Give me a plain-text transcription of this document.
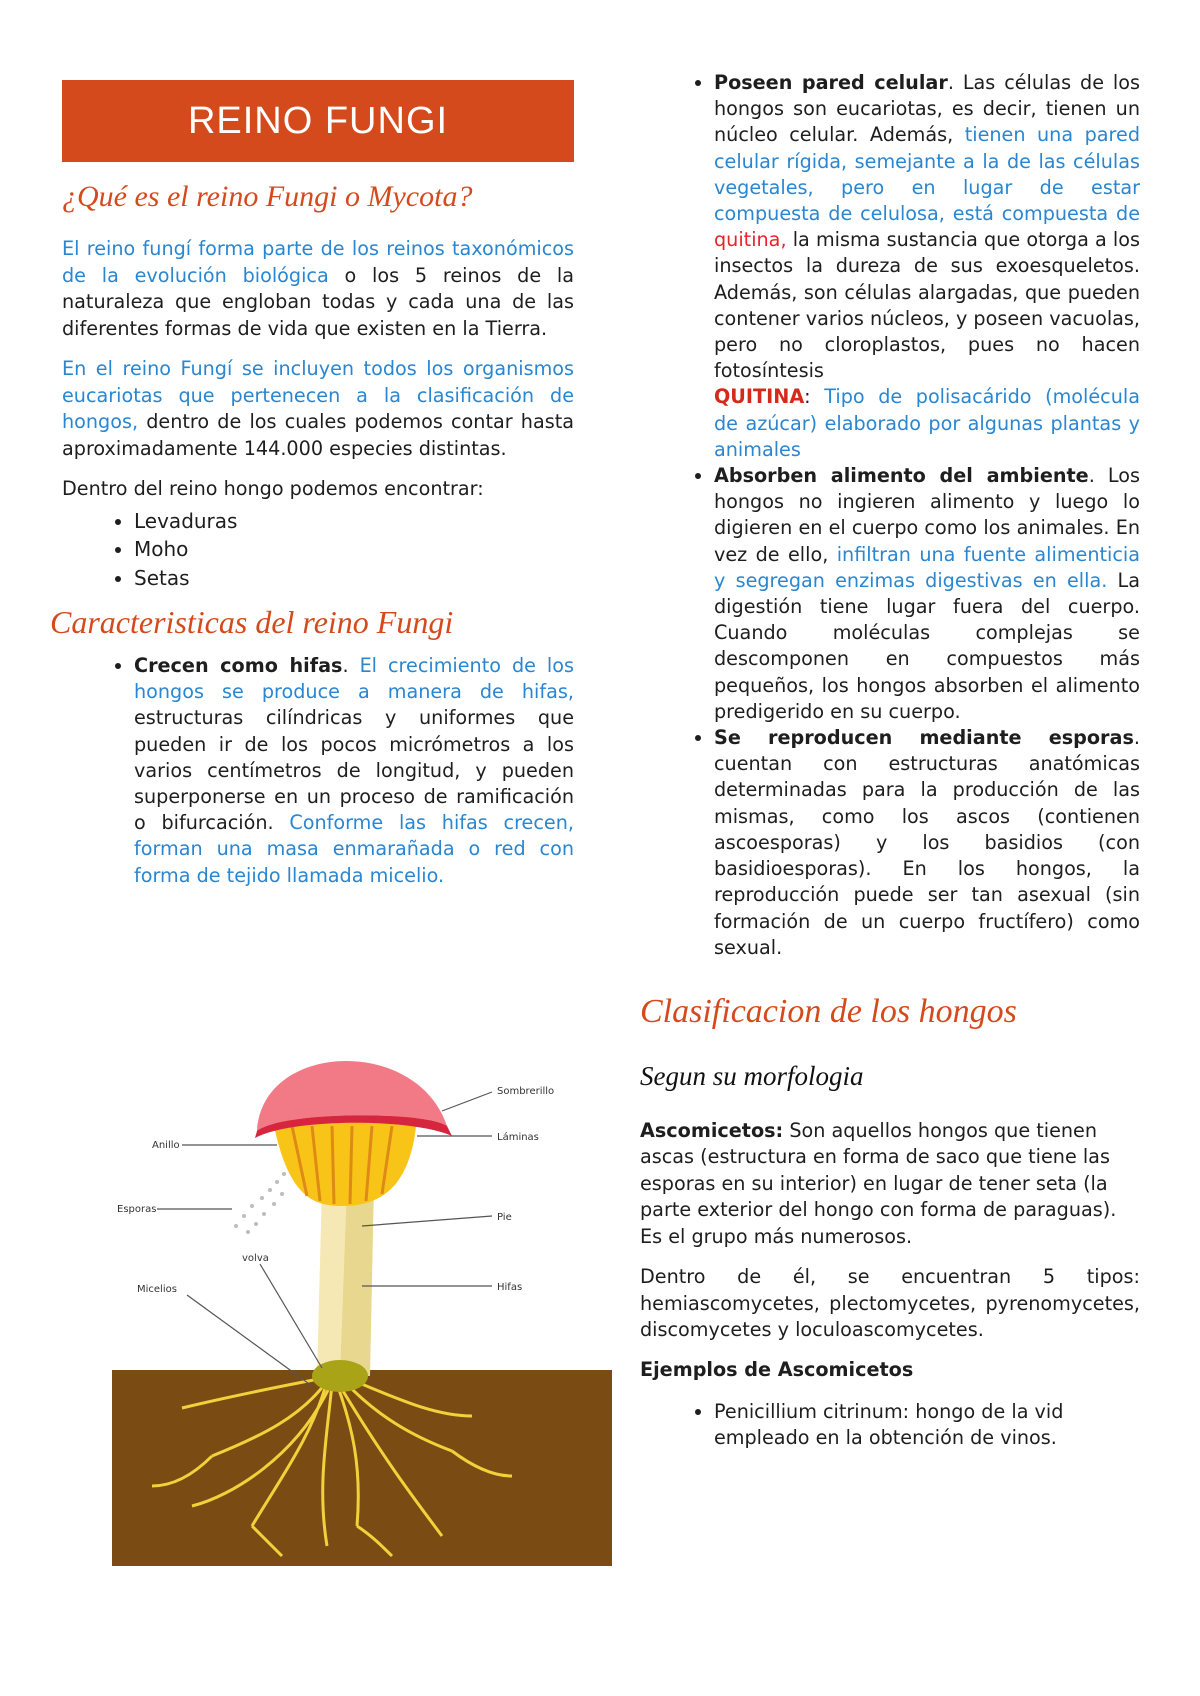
REINO FUNGI
¿Qué es el reino Fungi o Mycota?

El reino fungí forma parte de los reinos taxonómicos de la evolución biológica o los 5 reinos de la naturaleza que engloban todas y cada una de las diferentes formas de vida que existen en la Tierra.

En el reino Fungí se incluyen todos los organismos eucariotas que pertenecen a la clasificación de hongos, dentro de los cuales podemos contar hasta aproximadamente 144.000 especies distintas.

Dentro del reino hongo podemos encontrar:

• Levaduras
• Moho
• Setas
Caracteristicas del reino Fungi
• Crecen como hifas. El crecimiento de los hongos se produce a manera de hifas, estructuras cilíndricas y uniformes que pueden ir de los pocos micrómetros a los varios centímetros de longitud, y pueden superponerse en un proceso de ramificación o bifurcación. Conforme las hifas crecen, forman una masa enmarañada o red con forma de tejido llamada micelio.
Sombrerillo
Láminas
Anillo
Esporas
Pie
volva
Micelios	Hifas
• Poseen pared celular. Las células de los hongos son eucariotas, es decir, tienen un núcleo celular. Además, tienen una pared celular rígida, semejante a la de las células vegetales, pero en lugar de estar compuesta de celulosa, está compuesta de quitina, la misma sustancia que otorga a los insectos la dureza de sus exoesqueletos. Además, son células alargadas, que pueden contener varios núcleos, y poseen vacuolas, pero no cloroplastos, pues no hacen fotosíntesis
QUITINA: Tipo de polisacárido (molécula de azúcar) elaborado por algunas plantas y animales
• Absorben alimento del ambiente. Los hongos no ingieren alimento y luego lo digieren en el cuerpo como los animales. En vez de ello, infiltran una fuente alimenticia y segregan enzimas digestivas en ella. La digestión tiene lugar fuera del cuerpo. Cuando moléculas complejas se descomponen en compuestos más pequeños, los hongos absorben el alimento predigerido en su cuerpo.
• Se reproducen mediante esporas. cuentan con estructuras anatómicas determinadas para la producción de las mismas, como los ascos (contienen ascoesporas) y los basidios (con basidioesporas). En los hongos, la reproducción puede ser tan asexual (sin formación de un cuerpo fructífero) como sexual.
Clasificacion de los hongos
Segun su morfologia

Ascomicetos: Son aquellos hongos que tienen ascas (estructura en forma de saco que tiene las esporas en su interior) en lugar de tener seta (la parte exterior del hongo con forma de paraguas). Es el grupo más numerosos.

Dentro de él, se encuentran 5 tipos: hemiascomycetes, plectomycetes, pyrenomycetes, discomycetes y loculoascomycetes.

Ejemplos de Ascomicetos
• Penicillium citrinum: hongo de la vid empleado en la obtención de vinos.
